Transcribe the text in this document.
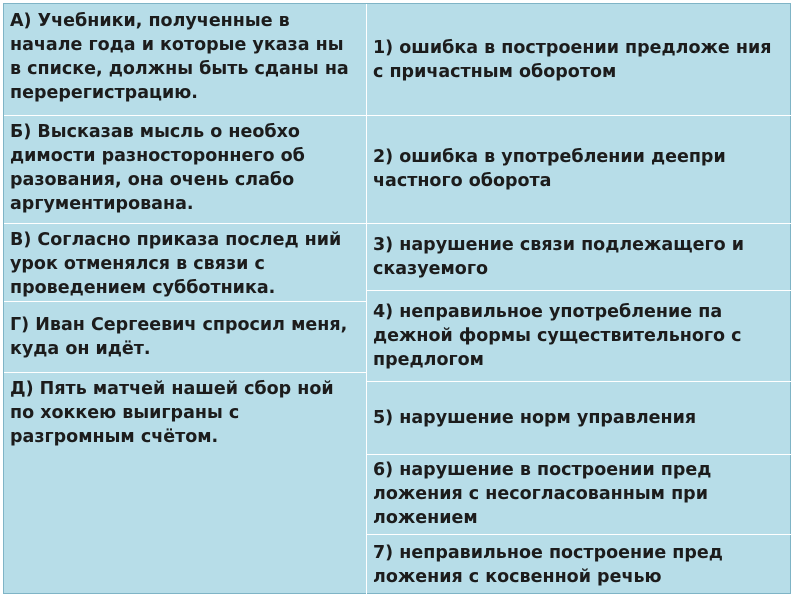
А) Учебники, полученные в начале года и которые указа ны в списке, должны быть сданы на перерегистрацию.
Б) Высказав мысль о необхо димости разностороннего об разования, она очень слабо аргументирована.
В) Согласно приказа послед ний урок отменялся в связи с проведением субботника.
Г) Иван Сергеевич спросил меня, куда он идёт.
Д) Пять матчей нашей сбор ной по хоккею выиграны с разгромным счётом.
1) ошибка в построении предложе ния с причастным оборотом
2) ошибка в употреблении деепри частного оборота
3) нарушение связи подлежащего и сказуемого
4) неправильное употребление па дежной формы существительного с предлогом
5) нарушение норм управления
6) нарушение в построении пред ложения с несогласованным при ложением
7) неправильное построение пред ложения с косвенной речью
